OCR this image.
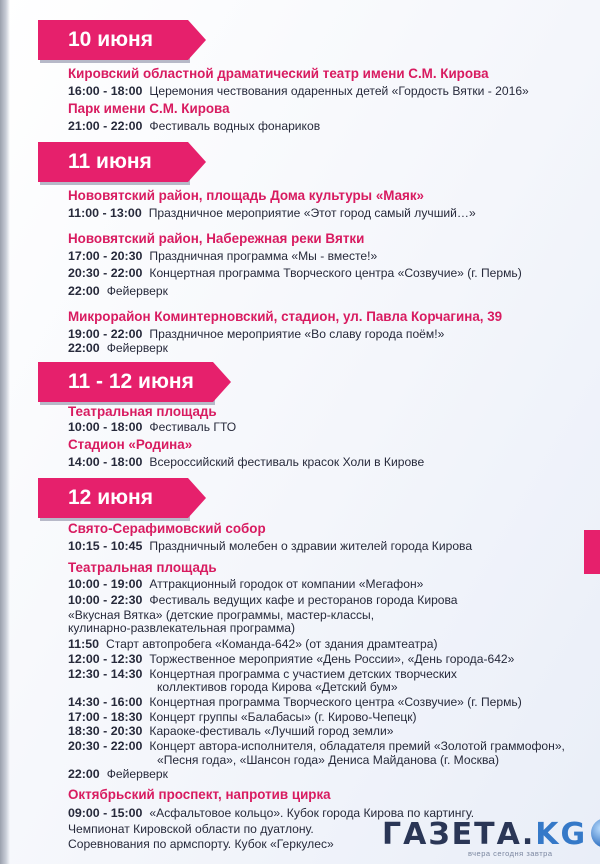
10 июня
Кировский областной драматический театр имени С.М. Кирова
16:00 - 18:00 Церемония чествования одаренных детей «Гордость Вятки - 2016»
Парк имени С.М. Кирова
21:00 - 22:00 Фестиваль водных фонариков
11 июня
Нововятский район, площадь Дома культуры «Маяк»
11:00 - 13:00 Праздничное мероприятие «Этот город самый лучший…»
Нововятский район, Набережная реки Вятки
17:00 - 20:30 Праздничная программа «Мы - вместе!»
20:30 - 22:00 Концертная программа Творческого центра «Созвучие» (г. Пермь)
22:00 Фейерверк
Микрорайон Коминтерновский, стадион, ул. Павла Корчагина, 39
19:00 - 22:00 Праздничное мероприятие «Во славу города поём!»
22:00 Фейерверк
11 - 12 июня
Театральная площадь
10:00 - 18:00 Фестиваль ГТО
Стадион «Родина»
14:00 - 18:00 Всероссийский фестиваль красок Холи в Кирове
12 июня
Свято-Серафимовский собор
10:15 - 10:45 Праздничный молебен о здравии жителей города Кирова
Театральная площадь
10:00 - 19:00 Аттракционный городок от компании «Мегафон»
10:00 - 22:30 Фестиваль ведущих кафе и ресторанов города Кирова
«Вкусная Вятка» (детские программы, мастер-классы,
кулинарно-развлекательная программа)
11:50 Старт автопробега «Команда-642» (от здания драмтеатра)
12:00 - 12:30 Торжественное мероприятие «День России», «День города-642»
12:30 - 14:30 Концертная программа с участием детских творческих
коллективов города Кирова «Детский бум»
14:30 - 16:00 Концертная программа Творческого центра «Созвучие» (г. Пермь)
17:00 - 18:30 Концерт группы «Балабасы» (г. Кирово-Чепецк)
18:30 - 20:30 Караоке-фестиваль «Лучший город земли»
20:30 - 22:00 Концерт автора-исполнителя, обладателя премий «Золотой граммофон»,
«Песня года», «Шансон года» Дениса Майданова (г. Москва)
22:00 Фейерверк
Октябрьский проспект, напротив цирка
09:00 - 15:00 «Асфальтовое кольцо». Кубок города Кирова по картингу.
Чемпионат Кировской области по дуатлону.
Соревнования по армспорту. Кубок «Геркулес» ГАЗЕТА. KG
вчера сегодня завтра
